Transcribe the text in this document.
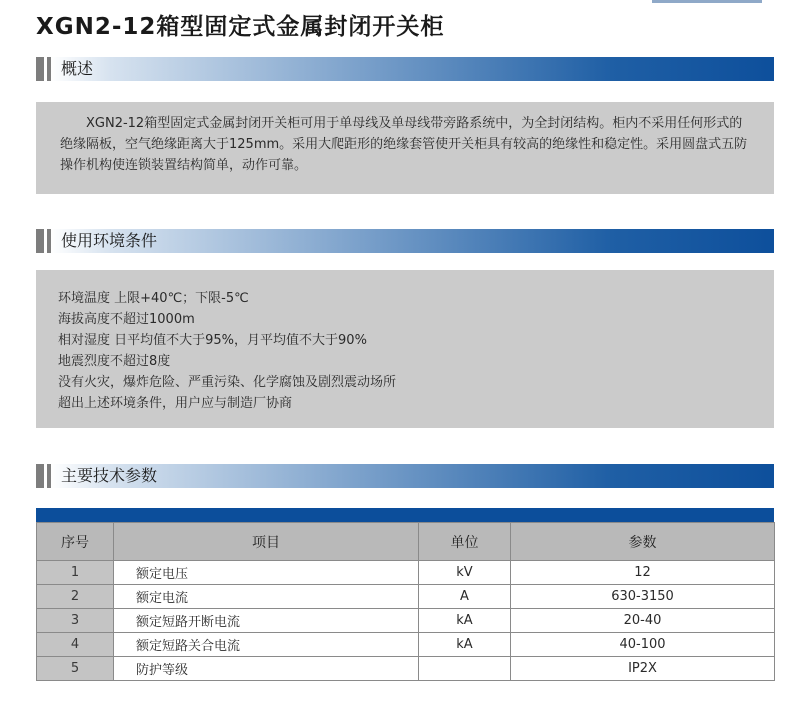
XGN2-12箱型固定式金属封闭开关柜
概述

XGN2-12箱型固定式金属封闭开关柜可用于单母线及单母线带旁路系统中，为全封闭结构。柜内不采用任何形式的绝缘隔板，空气绝缘距离大于125mm。采用大爬距形的绝缘套管使开关柜具有较高的绝缘性和稳定性。采用圆盘式五防操作机构使连锁装置结构简单，动作可靠。

使用环境条件
环境温度 上限+40℃；下限-5℃
海拔高度不超过1000m
相对湿度 日平均值不大于95%，月平均值不大于90%
地震烈度不超过8度
没有火灾，爆炸危险、严重污染、化学腐蚀及剧烈震动场所
超出上述环境条件，用户应与制造厂协商
主要技术参数
序号	项目	单位	参数
1	额定电压	kV	12
2	额定电流	A	630-3150
3	额定短路开断电流	kA	20-40
4	额定短路关合电流	kA	40-100
5	防护等级		IP2X
